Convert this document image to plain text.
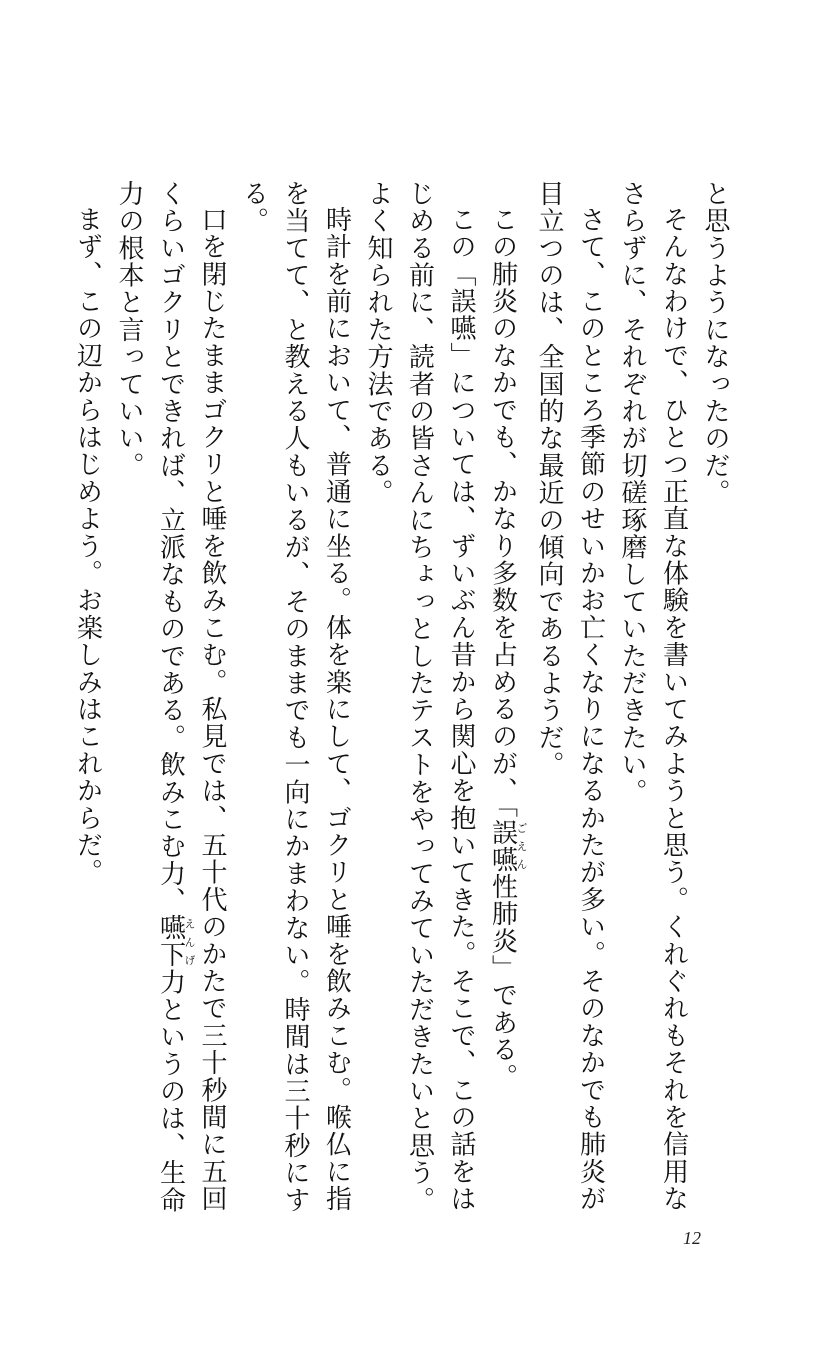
と思うようになったのだ。

そんなわけで、ひとつ正直な体験を書いてみようと思う。くれぐれもそれを信用なさらずに、それぞれが切磋琢磨していただきたい。

さて、このところ季節のせいかお亡くなりになるかたが多い。そのなかでも肺炎が目立つのは、全国的な最近の傾向であるようだ。

この肺炎のなかでも、かなり多数を占めるのが、「誤嚥ごえん性肺炎」である。

この「誤嚥」については、ずいぶん昔から関心を抱いてきた。そこで、この話をはじめる前に、読者の皆さんにちょっとしたテストをやってみていただきたいと思う。よく知られた方法である。

時計を前において、普通に坐る。体を楽にして、ゴクリと唾を飲みこむ。喉仏に指を当てて、と教える人もいるが、そのままでも一向にかまわない。時間は三十秒にする。

口を閉じたままゴクリと唾を飲みこむ。私見では、五十代のかたで三十秒間に五回くらいゴクリとできれば、立派なものである。飲みこむ力、嚥下えんげ力というのは、生命力の根本と言っていい。

まず、この辺からはじめよう。お楽しみはこれからだ。

12
